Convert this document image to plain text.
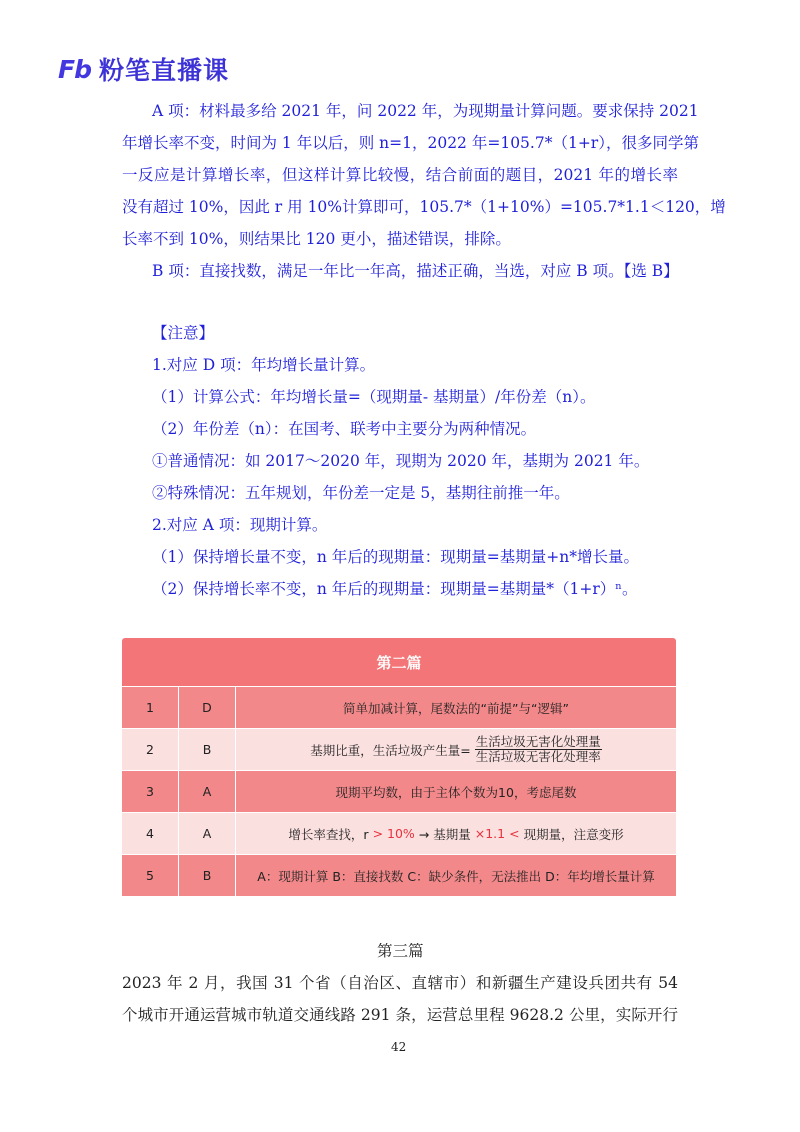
Fb 粉笔直播课
A 项：材料最多给 2021 年，问 2022 年，为现期量计算问题。要求保持 2021
年增长率不变，时间为 1 年以后，则 n=1，2022 年=105.7*（1+r），很多同学第
一反应是计算增长率，但这样计算比较慢，结合前面的题目，2021 年的增长率
没有超过 10%，因此 r 用 10%计算即可，105.7*（1+10%）=105.7*1.1＜120，增
长率不到 10%，则结果比 120 更小，描述错误，排除。
B 项：直接找数，满足一年比一年高，描述正确，当选，对应 B 项。【选 B】
【注意】
1.对应 D 项：年均增长量计算。
（1）计算公式：年均增长量=（现期量- 基期量）/年份差（n）。
（2）年份差（n）：在国考、联考中主要分为两种情况。
①普通情况：如 2017～2020 年，现期为 2020 年，基期为 2021 年。
②特殊情况：五年规划，年份差一定是 5，基期往前推一年。
2.对应 A 项：现期计算。
（1）保持增长量不变，n 年后的现期量：现期量=基期量+n*增长量。
（2）保持增长率不变，n 年后的现期量：现期量=基期量*（1+r）ⁿ。
第二篇
1	D	简单加减计算，尾数法的“前提”与“逻辑”
2	B	基期比重，生活垃圾产生量= $\frac{\text{生活垃圾无害化处理量}}{\text{生活垃圾无害化处理率}}$
3	A	现期平均数，由于主体个数为10，考虑尾数
4	A	增长率查找，r > 10% → 基期量 ×1.1 < 现期量，注意变形
5	B	A：现期计算 B：直接找数 C：缺少条件，无法推出 D：年均增长量计算
第三篇
2023 年 2 月，我国 31 个省（自治区、直辖市）和新疆生产建设兵团共有 54
个城市开通运营城市轨道交通线路 291 条，运营总里程 9628.2 公里，实际开行
42
